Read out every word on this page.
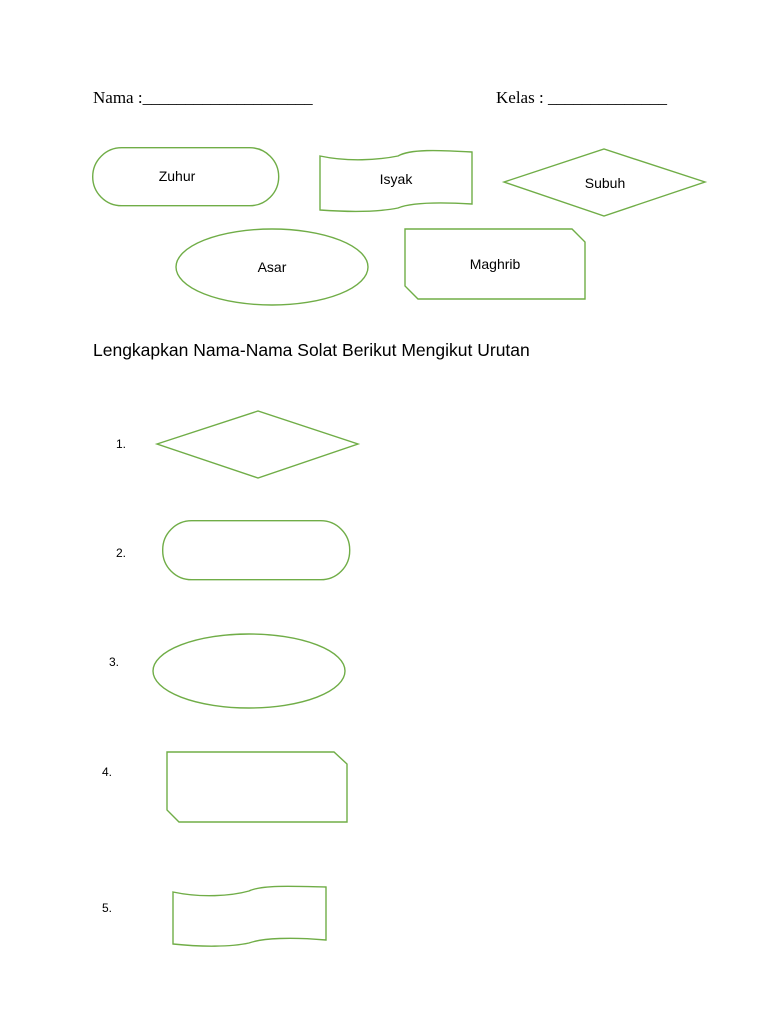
Nama :____________________	Kelas : ______________
Zuhur	Isyak	Subuh
Asar	Maghrib
Lengkapkan Nama-Nama Solat Berikut Mengikut Urutan
1.
2.
3.
4.
5.
